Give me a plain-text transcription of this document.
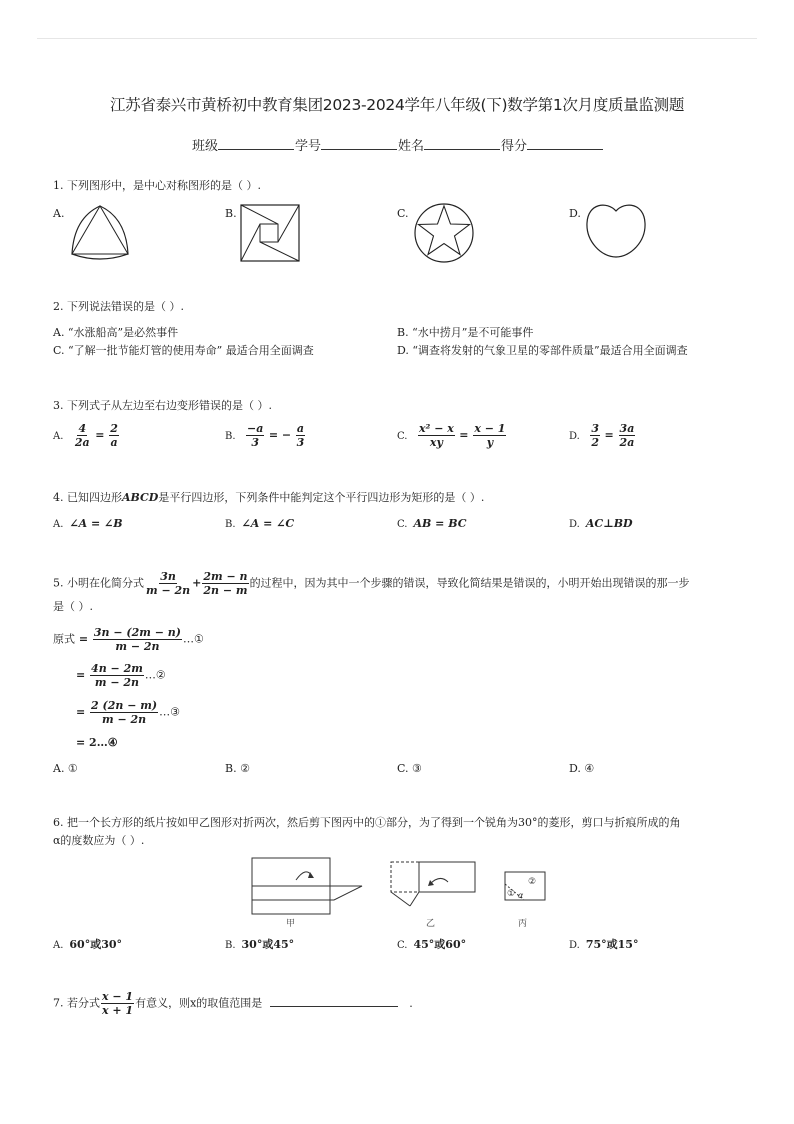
江苏省泰兴市黄桥初中教育集团2023-2024学年八年级(下)数学第1次月度质量监测题
班级	学号	姓名	得分
1. 下列图形中，是中心对称图形的是（ ）.
A.	B.	C.	D.
2. 下列说法错误的是（ ）.
A. “水涨船高”是必然事件	B. “水中捞月”是不可能事件
C. “了解一批节能灯管的使用寿命” 最适合用全面调查	D. “调查将发射的气象卫星的零部件质量”最适合用全面调查
3. 下列式子从左边至右边变形错误的是（ ）.
A. $\frac{4}{2a} = \frac{2}{a}$	B. $\frac{-a}{3}$ = − $\frac{a}{3}$	C. $\frac{\text{x² − x}}{xy} = \frac{x - 1}{y}$	D. $\frac{3}{2} = \frac{3a}{2a}$
4. 已知四边形ABCD是平行四边形，下列条件中能判定这个平行四边形为矩形的是（ ）.
A. ∠A = ∠B	B. ∠A = ∠C	C. AB = BC	D. AC⊥BD
5. 小明在化简分式 $\frac{3n}{m - 2n} + \frac{2m - n}{2n - m}$ 的过程中，因为其中一个步骤的错误，导致化简结果是错误的，小明开始出现错误的那一步
是（ ）.
原式 = $\frac{3n - (2m - n)}{m - 2n}$ …①
= $\frac{4n - 2m}{m - 2n}$ …②
= $\frac{2 (2n - m)}{m - 2n}$ …③
= 2…④
A. ①	B. ②	C. ③	D. ④
6. 把一个长方形的纸片按如甲乙图形对折两次，然后剪下图丙中的①部分，为了得到一个锐角为30°的菱形，剪口与折痕所成的角
α的度数应为（ ）.
甲	乙
①
②
α
丙
A. 60°或30°	B. 30°或45°	C. 45°或60°	D. 75°或15°
7. 若分式 $\frac{x - 1}{x + 1}$ 有意义，则x的取值范围是	.
